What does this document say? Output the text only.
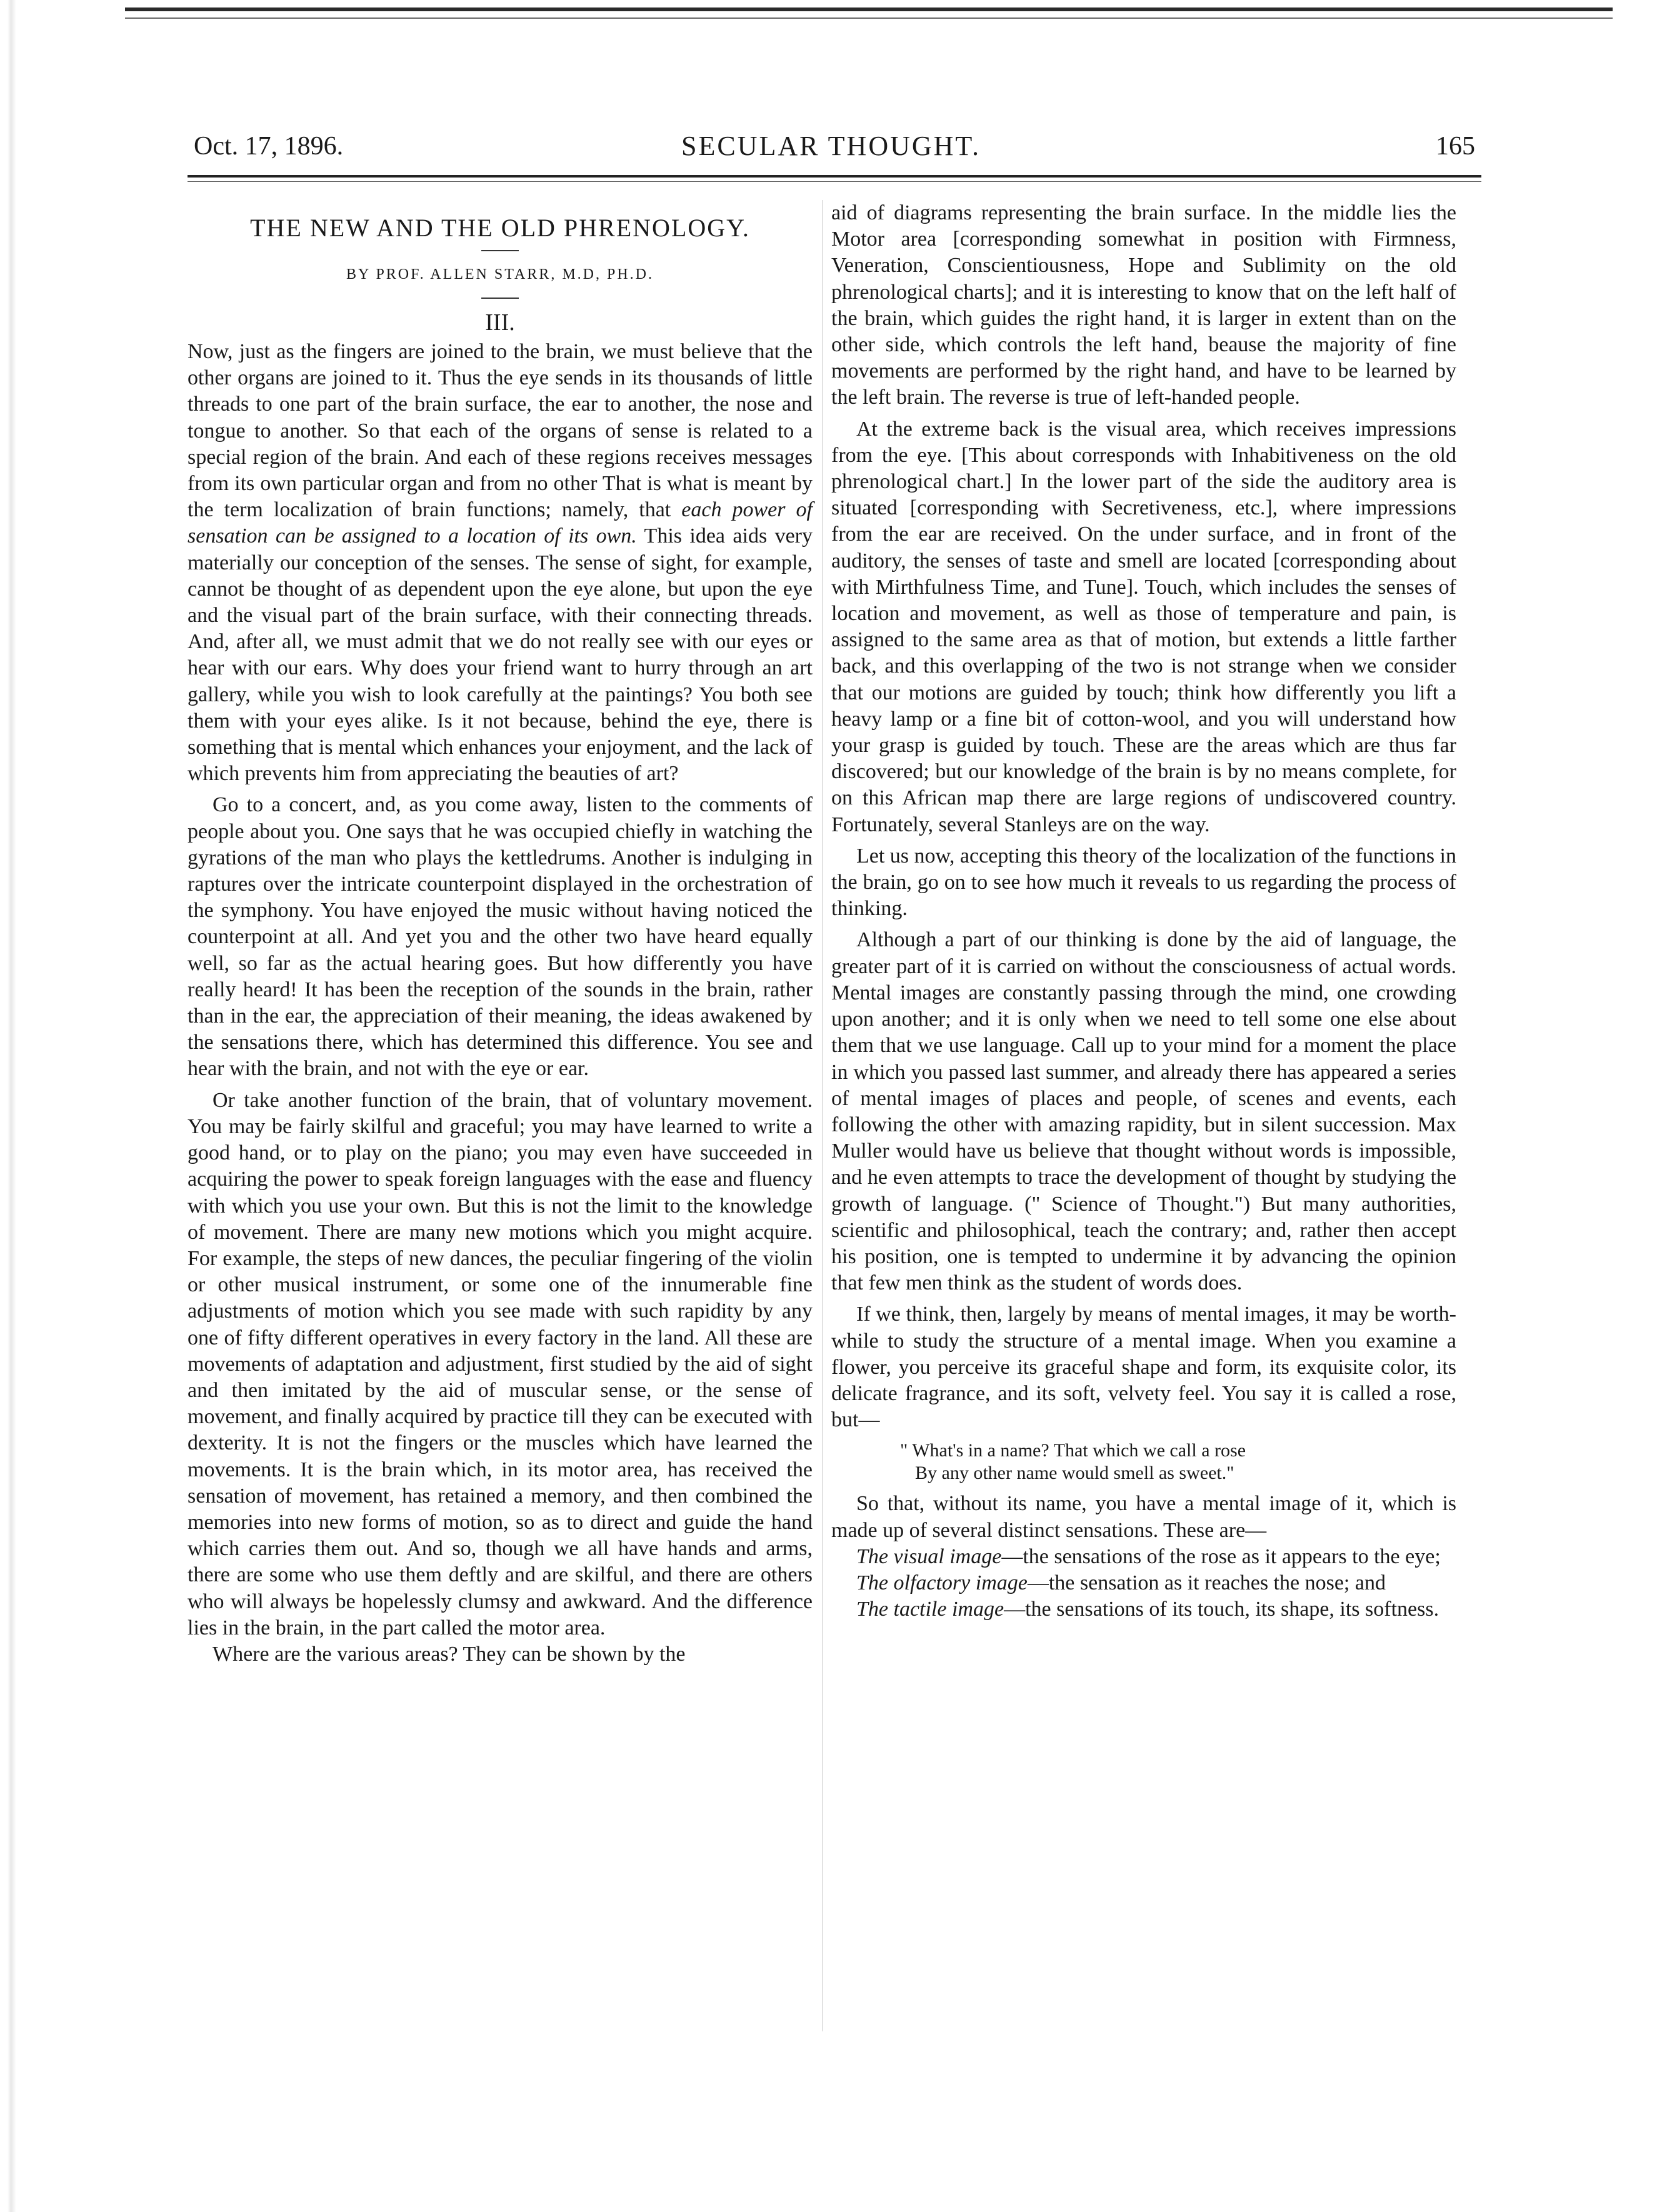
Oct. 17, 1896.	SECULAR THOUGHT.	165
THE NEW AND THE OLD PHRENOLOGY.
BY PROF. ALLEN STARR, M.D, PH.D.
III.

Now, just as the fingers are joined to the brain, we must believe that the other organs are joined to it. Thus the eye sends in its thousands of little threads to one part of the brain surface, the ear to another, the nose and tongue to another. So that each of the organs of sense is related to a special region of the brain. And each of these regions receives messages from its own particular organ and from no other That is what is meant by the term localization of brain functions; namely, that each power of sensation can be assigned to a location of its own. This idea aids very materially our conception of the senses. The sense of sight, for example, cannot be thought of as dependent upon the eye alone, but upon the eye and the visual part of the brain surface, with their connecting threads. And, after all, we must admit that we do not really see with our eyes or hear with our ears. Why does your friend want to hurry through an art gallery, while you wish to look carefully at the paintings? You both see them with your eyes alike. Is it not because, behind the eye, there is something that is mental which enhances your enjoyment, and the lack of which prevents him from appreciating the beauties of art?

Go to a concert, and, as you come away, listen to the comments of people about you. One says that he was occupied chiefly in watching the gyrations of the man who plays the kettledrums. Another is indulging in raptures over the intricate counterpoint displayed in the orchestration of the symphony. You have enjoyed the music without having noticed the counterpoint at all. And yet you and the other two have heard equally well, so far as the actual hearing goes. But how differently you have really heard! It has been the reception of the sounds in the brain, rather than in the ear, the appreciation of their meaning, the ideas awakened by the sensations there, which has determined this difference. You see and hear with the brain, and not with the eye or ear.

Or take another function of the brain, that of voluntary movement. You may be fairly skilful and graceful; you may have learned to write a good hand, or to play on the piano; you may even have succeeded in acquiring the power to speak foreign languages with the ease and fluency with which you use your own. But this is not the limit to the knowledge of movement. There are many new motions which you might acquire. For example, the steps of new dances, the peculiar fingering of the violin or other musical instrument, or some one of the innumerable fine adjustments of motion which you see made with such rapidity by any one of fifty different operatives in every factory in the land. All these are movements of adaptation and adjustment, first studied by the aid of sight and then imitated by the aid of muscular sense, or the sense of movement, and finally acquired by practice till they can be executed with dexterity. It is not the fingers or the muscles which have learned the movements. It is the brain which, in its motor area, has received the sensation of movement, has retained a memory, and then combined the memories into new forms of motion, so as to direct and guide the hand which carries them out. And so, though we all have hands and arms, there are some who use them deftly and are skilful, and there are others who will always be hopelessly clumsy and awkward. And the difference lies in the brain, in the part called the motor area.

Where are the various areas? They can be shown by the

aid of diagrams representing the brain surface. In the middle lies the Motor area [corresponding somewhat in position with Firmness, Veneration, Conscientiousness, Hope and Sublimity on the old phrenological charts]; and it is interesting to know that on the left half of the brain, which guides the right hand, it is larger in extent than on the other side, which controls the left hand, beause the majority of fine movements are performed by the right hand, and have to be learned by the left brain. The reverse is true of left-handed people.

At the extreme back is the visual area, which receives impressions from the eye. [This about corresponds with Inhabitiveness on the old phrenological chart.] In the lower part of the side the auditory area is situated [corresponding with Secretiveness, etc.], where impressions from the ear are received. On the under surface, and in front of the auditory, the senses of taste and smell are located [corresponding about with Mirthfulness Time, and Tune]. Touch, which includes the senses of location and movement, as well as those of temperature and pain, is assigned to the same area as that of motion, but extends a little farther back, and this overlapping of the two is not strange when we consider that our motions are guided by touch; think how differently you lift a heavy lamp or a fine bit of cotton-wool, and you will understand how your grasp is guided by touch. These are the areas which are thus far discovered; but our knowledge of the brain is by no means complete, for on this African map there are large regions of undiscovered country. Fortunately, several Stanleys are on the way.

Let us now, accepting this theory of the localization of the functions in the brain, go on to see how much it reveals to us regarding the process of thinking.

Although a part of our thinking is done by the aid of language, the greater part of it is carried on without the consciousness of actual words. Mental images are constantly passing through the mind, one crowding upon another; and it is only when we need to tell some one else about them that we use language. Call up to your mind for a moment the place in which you passed last summer, and already there has appeared a series of mental images of places and people, of scenes and events, each following the other with amazing rapidity, but in silent succession. Max Muller would have us believe that thought without words is impossible, and he even attempts to trace the development of thought by studying the growth of language. (" Science of Thought.") But many authorities, scientific and philosophical, teach the contrary; and, rather then accept his position, one is tempted to undermine it by advancing the opinion that few men think as the student of words does.

If we think, then, largely by means of mental images, it may be worth-while to study the structure of a mental image. When you examine a flower, you perceive its graceful shape and form, its exquisite color, its delicate fragrance, and its soft, velvety feel. You say it is called a rose, but—

" What's in a name? That which we call a rose
By any other name would smell as sweet."

So that, without its name, you have a mental image of it, which is made up of several distinct sensations. These are—

The visual image—the sensations of the rose as it appears to the eye;

The olfactory image—the sensation as it reaches the nose; and

The tactile image—the sensations of its touch, its shape, its softness.
